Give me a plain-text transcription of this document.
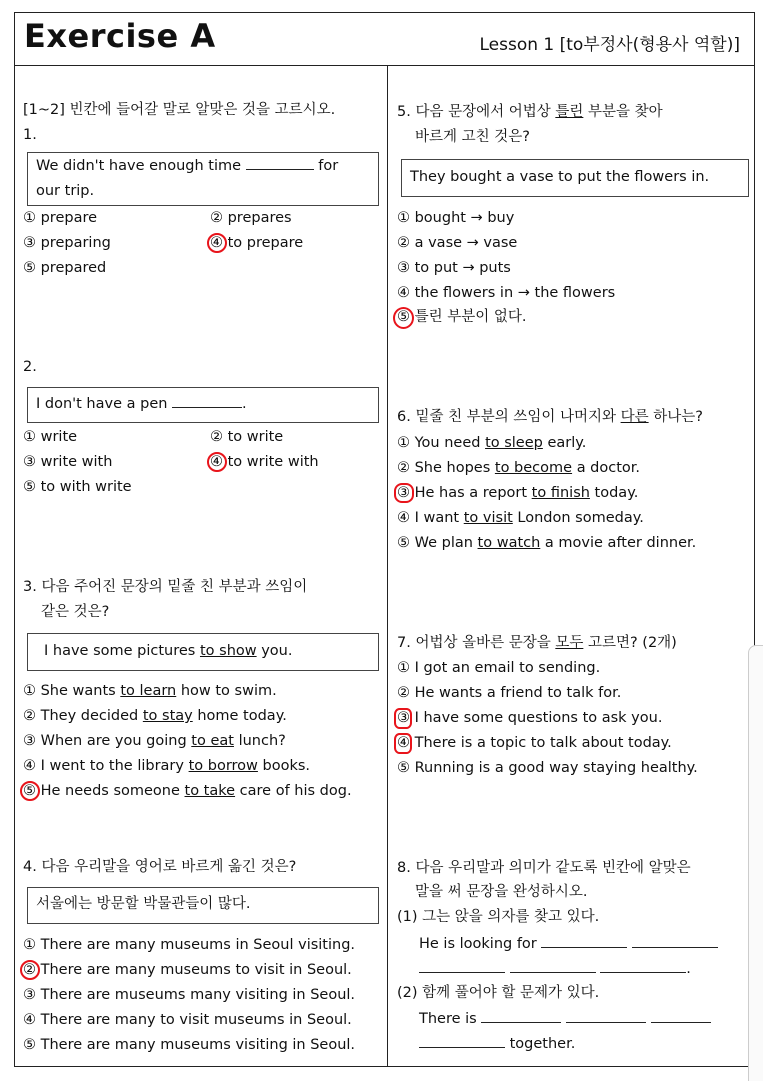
Exercise A	Lesson 1 [to부정사(형용사 역할)]
[1~2] 빈칸에 들어갈 말로 알맞은 것을 고르시오.
1.
We didn't have enough time	for
our trip.
① prepare	② prepares
③ preparing	④ to prepare
⑤ prepared
2.
I don't have a pen	.
① write	② to write
③ write with	④ to write with
⑤ to with write
3. 다음 주어진 문장의 밑줄 친 부분과 쓰임이
같은 것은?
I have some pictures to show you.
① She wants to learn how to swim.
② They decided to stay home today.
③ When are you going to eat lunch?
④ I went to the library to borrow books.
⑤ He needs someone to take care of his dog.
4. 다음 우리말을 영어로 바르게 옮긴 것은?
서울에는 방문할 박물관들이 많다.
① There are many museums in Seoul visiting.
② There are many museums to visit in Seoul.
③ There are museums many visiting in Seoul.
④ There are many to visit museums in Seoul.
⑤ There are many museums visiting in Seoul.
5. 다음 문장에서 어법상 틀린 부분을 찾아
바르게 고친 것은?
They bought a vase to put the flowers in.
① bought → buy
② a vase → vase
③ to put → puts
④ the flowers in → the flowers
⑤ 틀린 부분이 없다.
6. 밑줄 친 부분의 쓰임이 나머지와 다른 하나는?
① You need to sleep early.
② She hopes to become a doctor.
③ He has a report to finish today.
④ I want to visit London someday.
⑤ We plan to watch a movie after dinner.
7. 어법상 올바른 문장을 모두 고르면? (2개)
① I got an email to sending.
② He wants a friend to talk for.
③ I have some questions to ask you.
④ There is a topic to talk about today.
⑤ Running is a good way staying healthy.
8. 다음 우리말과 의미가 같도록 빈칸에 알맞은
말을 써 문장을 완성하시오.
(1) 그는 앉을 의자를 찾고 있다.
He is looking for
.
(2) 함께 풀어야 할 문제가 있다.
There is
together.
